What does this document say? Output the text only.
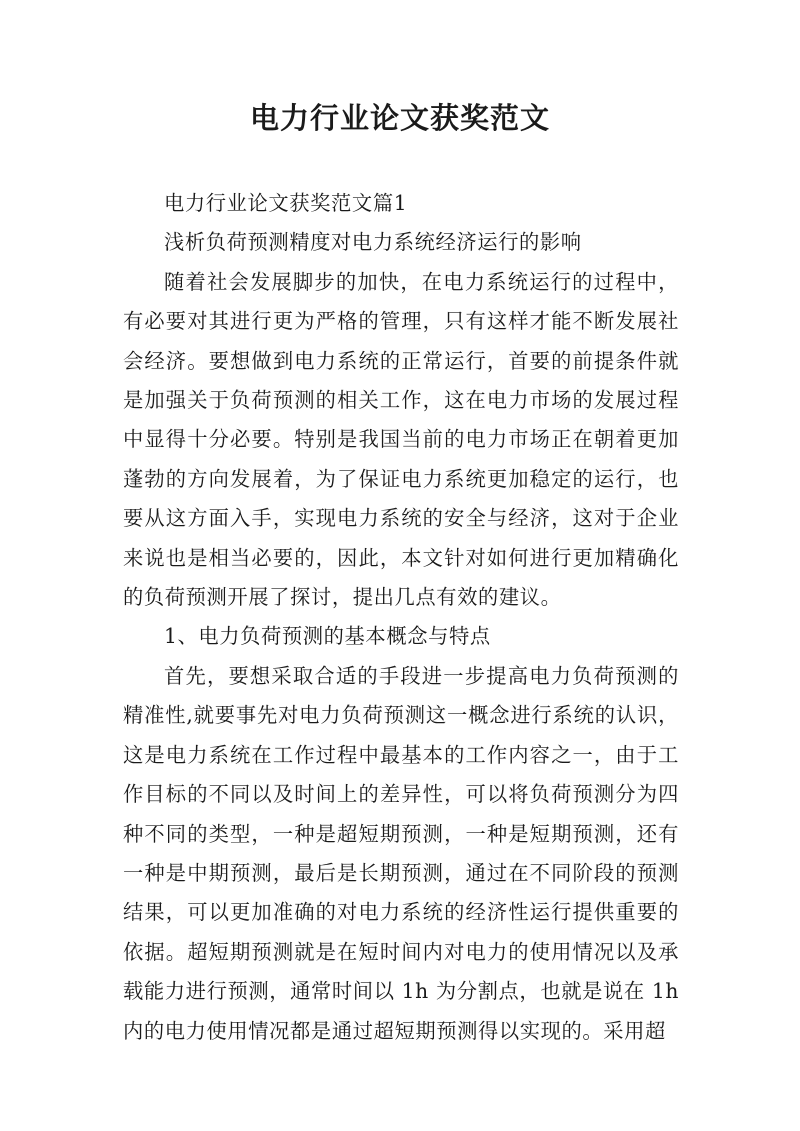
电力行业论文获奖范文

电力行业论文获奖范文篇1

浅析负荷预测精度对电力系统经济运行的影响

随着社会发展脚步的加快，在电力系统运行的过程中，有必要对其进行更为严格的管理，只有这样才能不断发展社会经济。要想做到电力系统的正常运行，首要的前提条件就是加强关于负荷预测的相关工作，这在电力市场的发展过程中显得十分必要。特别是我国当前的电力市场正在朝着更加蓬勃的方向发展着，为了保证电力系统更加稳定的运行，也要从这方面入手，实现电力系统的安全与经济，这对于企业来说也是相当必要的，因此，本文针对如何进行更加精确化的负荷预测开展了探讨，提出几点有效的建议。

1、电力负荷预测的基本概念与特点

首先，要想采取合适的手段进一步提高电力负荷预测的精准性,就要事先对电力负荷预测这一概念进行系统的认识，这是电力系统在工作过程中最基本的工作内容之一，由于工作目标的不同以及时间上的差异性，可以将负荷预测分为四种不同的类型，一种是超短期预测，一种是短期预测，还有一种是中期预测，最后是长期预测，通过在不同阶段的预测结果，可以更加准确的对电力系统的经济性运行提供重要的依据。超短期预测就是在短时间内对电力的使用情况以及承载能力进行预测，通常时间以 1h 为分割点，也就是说在 1h 内的电力使用情况都是通过超短期预测得以实现的。采用超
